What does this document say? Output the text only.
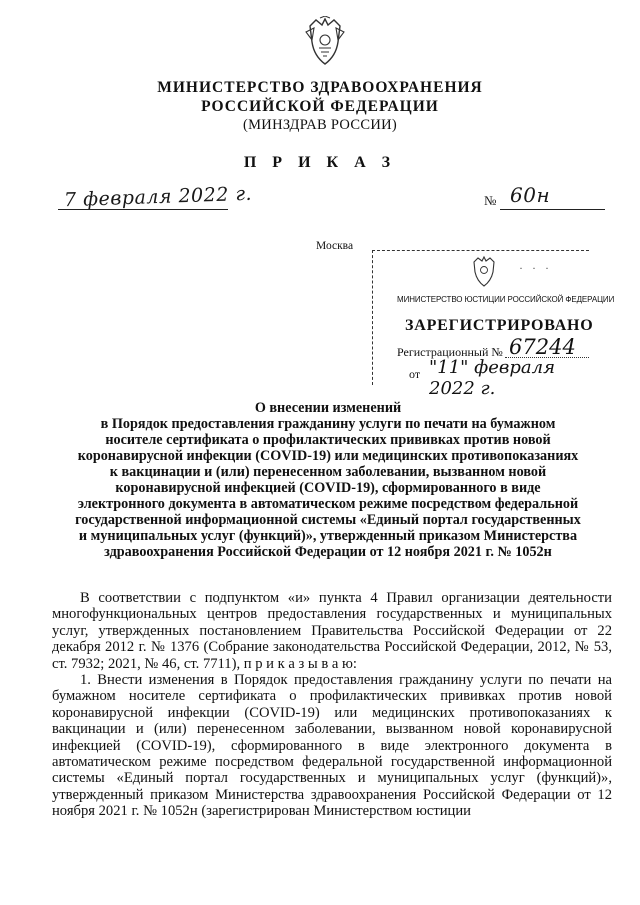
МИНИСТЕРСТВО ЗДРАВООХРАНЕНИЯ
РОССИЙСКОЙ ФЕДЕРАЦИИ
(МИНЗДРАВ РОССИИ)
П Р И К А З
7 февраля 2022 г.	№ 60н
Москва
· · ·
МИНИСТЕРСТВО ЮСТИЦИИ РОССИЙСКОЙ ФЕДЕРАЦИИ
ЗАРЕГИСТРИРОВАНО
Регистрационный № 67244
от "11" февраля 2022 г.
О внесении изменений
в Порядок предоставления гражданину услуги по печати на бумажном
носителе сертификата о профилактических прививках против новой
коронавирусной инфекции (COVID-19) или медицинских противопоказаниях
к вакцинации и (или) перенесенном заболевании, вызванном новой
коронавирусной инфекцией (COVID-19), сформированного в виде
электронного документа в автоматическом режиме посредством федеральной
государственной информационной системы «Единый портал государственных
и муниципальных услуг (функций)», утвержденный приказом Министерства
здравоохранения Российской Федерации от 12 ноября 2021 г. № 1052н

В соответствии с подпунктом «и» пункта 4 Правил организации деятельности многофункциональных центров предоставления государственных и муниципальных услуг, утвержденных постановлением Правительства Российской Федерации от 22 декабря 2012 г. № 1376 (Собрание законодательства Российской Федерации, 2012, № 53, ст. 7932; 2021, № 46, ст. 7711), п р и к а з ы в а ю:

1. Внести изменения в Порядок предоставления гражданину услуги по печати на бумажном носителе сертификата о профилактических прививках против новой коронавирусной инфекции (COVID-19) или медицинских противопоказаниях к вакцинации и (или) перенесенном заболевании, вызванном новой коронавирусной инфекцией (COVID-19), сформированного в виде электронного документа в автоматическом режиме посредством федеральной государственной информационной системы «Единый портал государственных и муниципальных услуг (функций)», утвержденный приказом Министерства здравоохранения Российской Федерации от 12 ноября 2021 г. № 1052н (зарегистрирован Министерством юстиции
